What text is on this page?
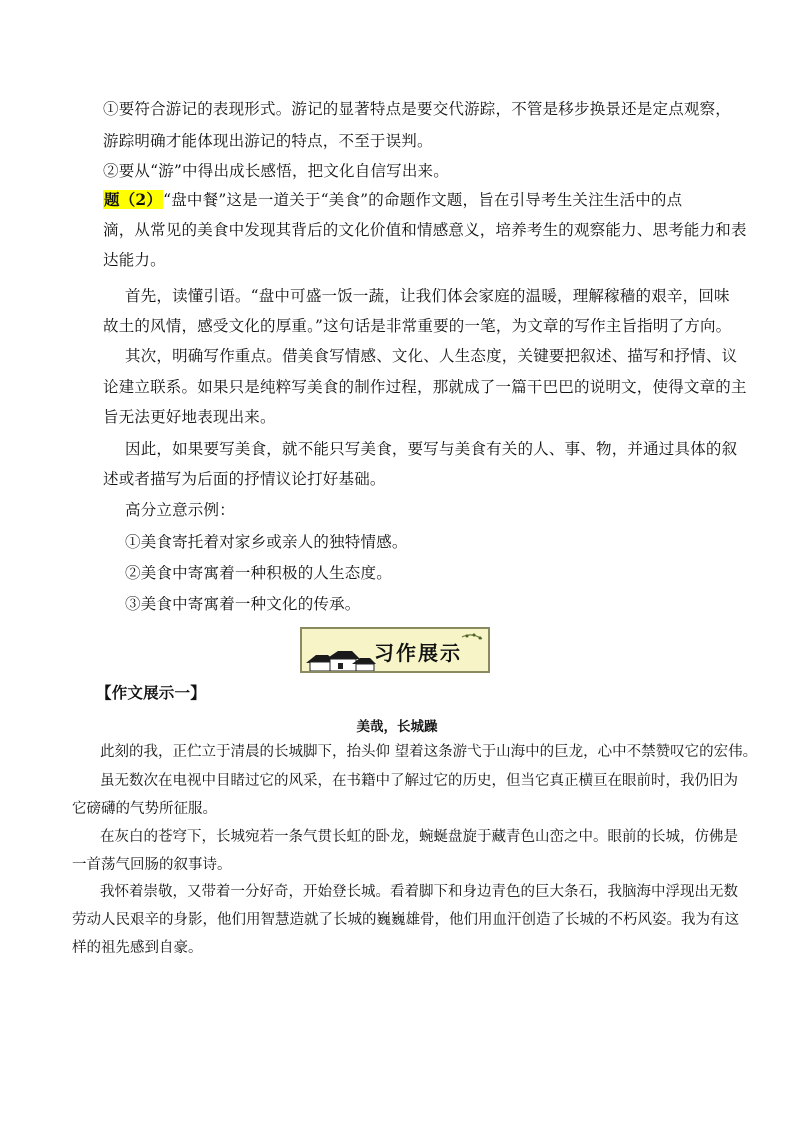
①要符合游记的表现形式。游记的显著特点是要交代游踪，不管是移步换景还是定点观察，
游踪明确才能体现出游记的特点，不至于误判。
②要从“游”中得出成长感悟，把文化自信写出来。
题（2）“盘中餐”这是一道关于“美食”的命题作文题，旨在引导考生关注生活中的点
滴，从常见的美食中发现其背后的文化价值和情感意义，培养考生的观察能力、思考能力和表
达能力。
首先，读懂引语。“盘中可盛一饭一蔬，让我们体会家庭的温暖，理解稼穑的艰辛，回味
故土的风情，感受文化的厚重。”这句话是非常重要的一笔，为文章的写作主旨指明了方向。
其次，明确写作重点。借美食写情感、文化、人生态度，关键要把叙述、描写和抒情、议
论建立联系。如果只是纯粹写美食的制作过程，那就成了一篇干巴巴的说明文，使得文章的主
旨无法更好地表现出来。
因此，如果要写美食，就不能只写美食，要写与美食有关的人、事、物，并通过具体的叙
述或者描写为后面的抒情议论打好基础。
高分立意示例：
①美食寄托着对家乡或亲人的独特情感。
②美食中寄寓着一种积极的人生态度。
③美食中寄寓着一种文化的传承。
习作展示
【作文展示一】
美哉，长城躁
此刻的我，正伫立于清晨的长城脚下，抬头仰 望着这条游弋于山海中的巨龙，心中不禁赞叹它的宏伟。
虽无数次在电视中目睹过它的风采，在书籍中了解过它的历史，但当它真正横亘在眼前时，我仍旧为
它磅礴的气势所征服。
在灰白的苍穹下，长城宛若一条气贯长虹的卧龙，蜿蜒盘旋于藏青色山峦之中。眼前的长城，仿佛是
一首荡气回肠的叙事诗。
我怀着崇敬，又带着一分好奇，开始登长城。看着脚下和身边青色的巨大条石，我脑海中浮现出无数
劳动人民艰辛的身影，他们用智慧造就了长城的巍巍雄骨，他们用血汗创造了长城的不朽风姿。我为有这
样的祖先感到自豪。
